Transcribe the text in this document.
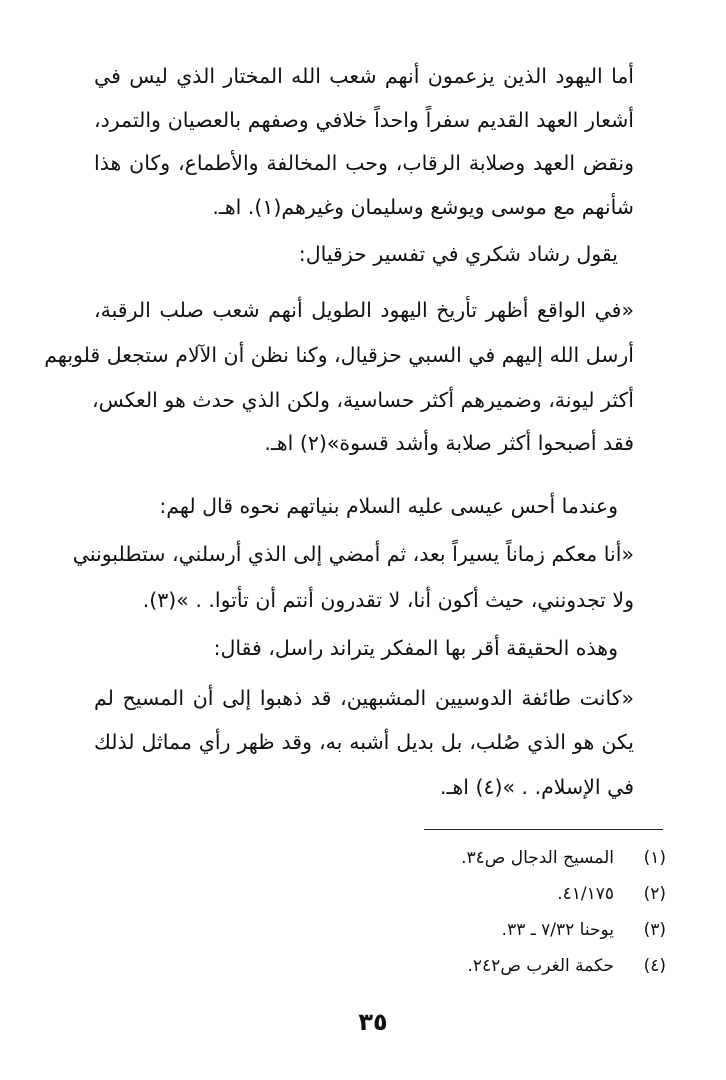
أما اليهود الذين يزعمون أنهم شعب الله المختار الذي ليس في
أشعار العهد القديم سفراً واحداً خلافي وصفهم بالعصيان والتمرد،
ونقض العهد وصلابة الرقاب، وحب المخالفة والأطماع، وكان هذا
شأنهم مع موسى ويوشع وسليمان وغيرهم(١). اهـ.
يقول رشاد شكري في تفسير حزقيال:
«في الواقع أظهر تأريخ اليهود الطويل أنهم شعب صلب الرقبة،
أرسل الله إليهم في السبي حزقيال، وكنا نظن أن الآلام ستجعل قلوبهم
أكثر ليونة، وضميرهم أكثر حساسية، ولكن الذي حدث هو العكس،
فقد أصبحوا أكثر صلابة وأشد قسوة»(٢) اهـ.
وعندما أحس عيسى عليه السلام بنياتهم نحوه قال لهم:
«أنا معكم زماناً يسيراً بعد، ثم أمضي إلى الذي أرسلني، ستطلبونني
ولا تجدونني، حيث أكون أنا، لا تقدرون أنتم أن تأتوا. . »(٣).
وهذه الحقيقة أقر بها المفكر يتراند راسل، فقال:
«كانت طائفة الدوسيين المشبهين، قد ذهبوا إلى أن المسيح لم
يكن هو الذي صُلب، بل بديل أشبه به، وقد ظهر رأي مماثل لذلك
في الإسلام. . »(٤) اهـ.
(١)المسيح الدجال ص٣٤.
(٢)٤١/١٧٥.
(٣)يوحنا ٧/٣٢ ـ ٣٣.
(٤)حكمة الغرب ص٢٤٢.
٣٥
